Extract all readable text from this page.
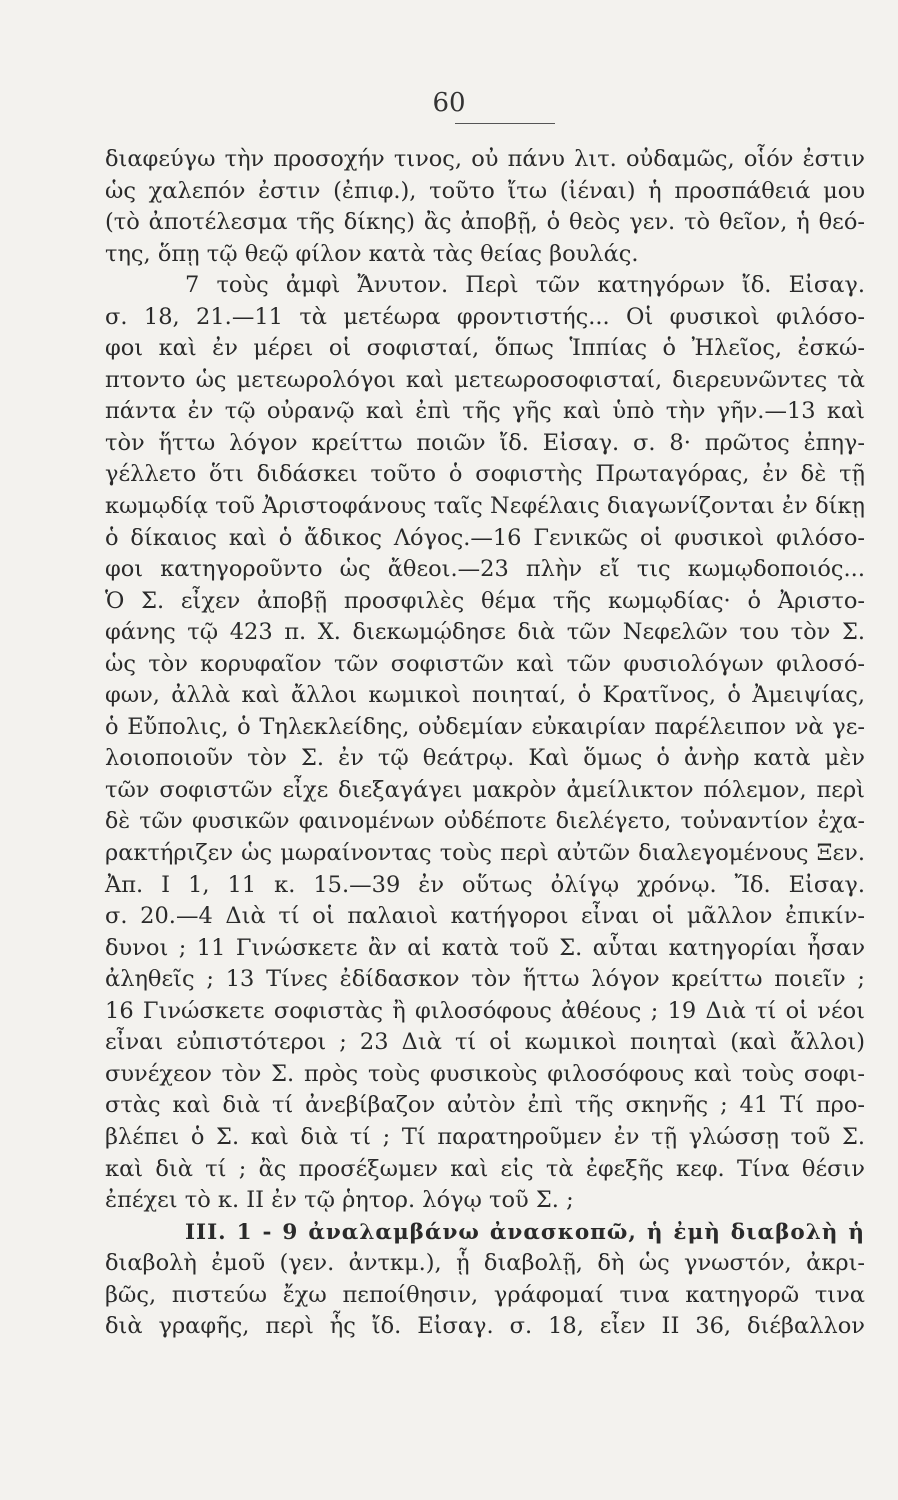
60
διαφεύγω τὴν προσοχήν τινος, οὐ πάνυ λιτ. οὐδαμῶς, οἷόν ἐστιν
ὡς χαλεπόν ἐστιν (ἐπιφ.), τοῦτο ἴτω (ἰέναι) ἡ προσπάθειά μου
(τὸ ἀποτέλεσμα τῆς δίκης) ἂς ἀποβῇ, ὁ θεὸς γεν. τὸ θεῖον, ἡ θεό-
της, ὅπῃ τῷ θεῷ φίλον κατὰ τὰς θείας βουλάς.
7 τοὺς ἀμφὶ Ἄνυτον. Περὶ τῶν κατηγόρων ἴδ. Εἰσαγ.
σ. 18, 21.—11 τὰ μετέωρα φροντιστής... Οἱ φυσικοὶ φιλόσο-
φοι καὶ ἐν μέρει οἱ σοφισταί, ὅπως Ἱππίας ὁ Ἠλεῖος, ἐσκώ-
πτοντο ὡς μετεωρολόγοι καὶ μετεωροσοφισταί, διερευνῶντες τὰ
πάντα ἐν τῷ οὐρανῷ καὶ ἐπὶ τῆς γῆς καὶ ὑπὸ τὴν γῆν.—13 καὶ
τὸν ἥττω λόγον κρείττω ποιῶν ἴδ. Εἰσαγ. σ. 8· πρῶτος ἐπηγ-
γέλλετο ὅτι διδάσκει τοῦτο ὁ σοφιστὴς Πρωταγόρας, ἐν δὲ τῇ
κωμῳδίᾳ τοῦ Ἀριστοφάνους ταῖς Νεφέλαις διαγωνίζονται ἐν δίκῃ
ὁ δίκαιος καὶ ὁ ἄδικος Λόγος.—16 Γενικῶς οἱ φυσικοὶ φιλόσο-
φοι κατηγοροῦντο ὡς ἄθεοι.—23 πλὴν εἴ τις κωμῳδοποιός...
Ὁ Σ. εἶχεν ἀποβῇ προσφιλὲς θέμα τῆς κωμῳδίας· ὁ Ἀριστο-
φάνης τῷ 423 π. Χ. διεκωμῴδησε διὰ τῶν Νεφελῶν του τὸν Σ.
ὡς τὸν κορυφαῖον τῶν σοφιστῶν καὶ τῶν φυσιολόγων φιλοσό-
φων, ἀλλὰ καὶ ἄλλοι κωμικοὶ ποιηταί, ὁ Κρατῖνος, ὁ Ἀμειψίας,
ὁ Εὔπολις, ὁ Τηλεκλείδης, οὐδεμίαν εὐκαιρίαν παρέλειπον νὰ γε-
λοιοποιοῦν τὸν Σ. ἐν τῷ θεάτρῳ. Καὶ ὅμως ὁ ἀνὴρ κατὰ μὲν
τῶν σοφιστῶν εἶχε διεξαγάγει μακρὸν ἀμείλικτον πόλεμον, περὶ
δὲ τῶν φυσικῶν φαινομένων οὐδέποτε διελέγετο, τοὐναντίον ἐχα-
ρακτήριζεν ὡς μωραίνοντας τοὺς περὶ αὐτῶν διαλεγομένους Ξεν.
Ἀπ. I 1, 11 κ. 15.—39 ἐν οὕτως ὀλίγῳ χρόνῳ. Ἴδ. Εἰσαγ.
σ. 20.—4 Διὰ τί οἱ παλαιοὶ κατήγοροι εἶναι οἱ μᾶλλον ἐπικίν-
δυνοι ; 11 Γινώσκετε ἂν αἱ κατὰ τοῦ Σ. αὗται κατηγορίαι ἦσαν
ἀληθεῖς ; 13 Τίνες ἐδίδασκον τὸν ἥττω λόγον κρείττω ποιεῖν ;
16 Γινώσκετε σοφιστὰς ἢ φιλοσόφους ἀθέους ; 19 Διὰ τί οἱ νέοι
εἶναι εὐπιστότεροι ; 23 Διὰ τί οἱ κωμικοὶ ποιηταὶ (καὶ ἄλλοι)
συνέχεον τὸν Σ. πρὸς τοὺς φυσικοὺς φιλοσόφους καὶ τοὺς σοφι-
στὰς καὶ διὰ τί ἀνεβίβαζον αὐτὸν ἐπὶ τῆς σκηνῆς ; 41 Τί προ-
βλέπει ὁ Σ. καὶ διὰ τί ; Τί παρατηροῦμεν ἐν τῇ γλώσσῃ τοῦ Σ.
καὶ διὰ τί ; ἂς προσέξωμεν καὶ εἰς τὰ ἐφεξῆς κεφ. Τίνα θέσιν
ἐπέχει τὸ κ. II ἐν τῷ ῥητορ. λόγῳ τοῦ Σ. ;
III. 1 - 9 ἀναλαμβάνω ἀνασκοπῶ, ἡ ἐμὴ διαβολὴ ἡ
διαβολὴ ἐμοῦ (γεν. ἀντκμ.), ᾗ διαβολῇ, δὴ ὡς γνωστόν, ἀκρι-
βῶς, πιστεύω ἔχω πεποίθησιν, γράφομαί τινα κατηγορῶ τινα
διὰ γραφῆς, περὶ ἧς ἴδ. Εἰσαγ. σ. 18, εἶεν II 36, διέβαλλον
